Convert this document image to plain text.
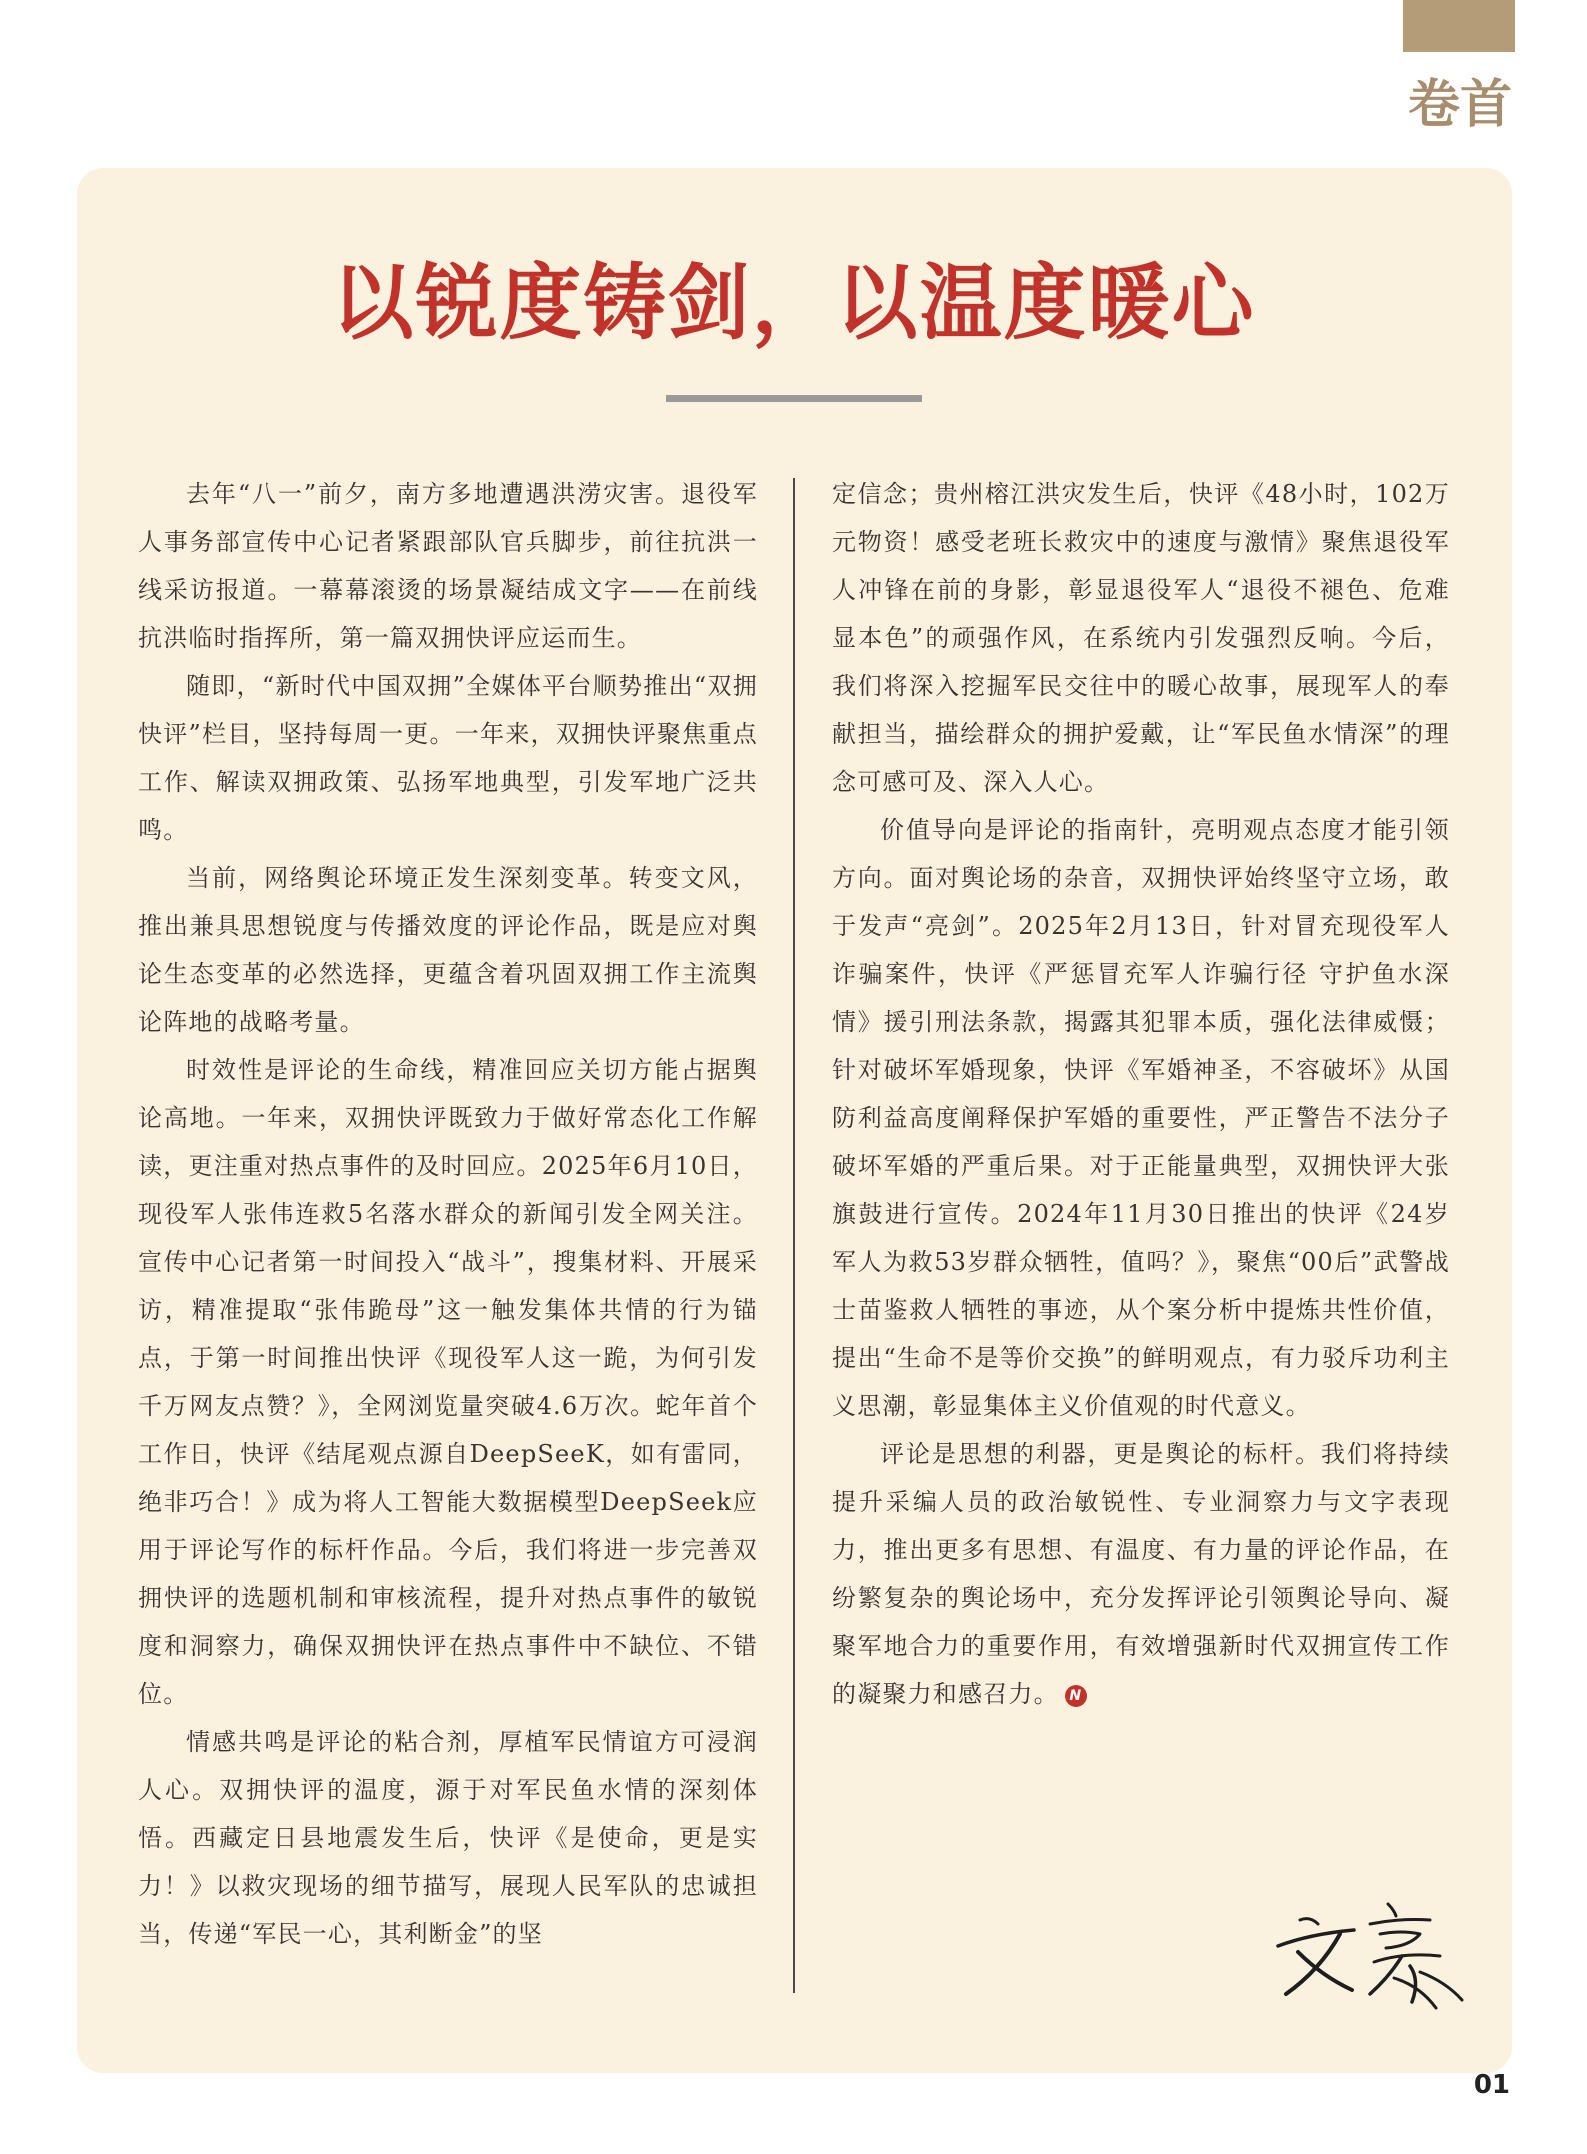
卷首
以锐度铸剑，以温度暖心

去年“八一”前夕，南方多地遭遇洪涝灾害。退役军人事务部宣传中心记者紧跟部队官兵脚步，前往抗洪一线采访报道。一幕幕滚烫的场景凝结成文字——在前线抗洪临时指挥所，第一篇双拥快评应运而生。

随即，“新时代中国双拥”全媒体平台顺势推出“双拥快评”栏目，坚持每周一更。一年来，双拥快评聚焦重点工作、解读双拥政策、弘扬军地典型，引发军地广泛共鸣。

当前，网络舆论环境正发生深刻变革。转变文风，推出兼具思想锐度与传播效度的评论作品，既是应对舆论生态变革的必然选择，更蕴含着巩固双拥工作主流舆论阵地的战略考量。

时效性是评论的生命线，精准回应关切方能占据舆论高地。一年来，双拥快评既致力于做好常态化工作解读，更注重对热点事件的及时回应。2025年6月10日，现役军人张伟连救5名落水群众的新闻引发全网关注。宣传中心记者第一时间投入“战斗”，搜集材料、开展采访，精准提取“张伟跪母”这一触发集体共情的行为锚点，于第一时间推出快评《现役军人这一跪，为何引发千万网友点赞？》，全网浏览量突破4.6万次。蛇年首个工作日，快评《结尾观点源自DeepSeeK，如有雷同，绝非巧合！》成为将人工智能大数据模型DeepSeek应用于评论写作的标杆作品。今后，我们将进一步完善双拥快评的选题机制和审核流程，提升对热点事件的敏锐度和洞察力，确保双拥快评在热点事件中不缺位、不错位。

情感共鸣是评论的粘合剂，厚植军民情谊方可浸润人心。双拥快评的温度，源于对军民鱼水情的深刻体悟。西藏定日县地震发生后，快评《是使命，更是实力！》以救灾现场的细节描写，展现人民军队的忠诚担当，传递“军民一心，其利断金”的坚

定信念；贵州榕江洪灾发生后，快评《48小时，102万元物资！感受老班长救灾中的速度与激情》聚焦退役军人冲锋在前的身影，彰显退役军人“退役不褪色、危难显本色”的顽强作风，在系统内引发强烈反响。今后，我们将深入挖掘军民交往中的暖心故事，展现军人的奉献担当，描绘群众的拥护爱戴，让“军民鱼水情深”的理念可感可及、深入人心。

价值导向是评论的指南针，亮明观点态度才能引领方向。面对舆论场的杂音，双拥快评始终坚守立场，敢于发声“亮剑”。2025年2月13日，针对冒充现役军人诈骗案件，快评《严惩冒充军人诈骗行径 守护鱼水深情》援引刑法条款，揭露其犯罪本质，强化法律威慑；针对破坏军婚现象，快评《军婚神圣，不容破坏》从国防利益高度阐释保护军婚的重要性，严正警告不法分子破坏军婚的严重后果。对于正能量典型，双拥快评大张旗鼓进行宣传。2024年11月30日推出的快评《24岁军人为救53岁群众牺牲，值吗？》，聚焦“00后”武警战士苗鉴救人牺牲的事迹，从个案分析中提炼共性价值，提出“生命不是等价交换”的鲜明观点，有力驳斥功利主义思潮，彰显集体主义价值观的时代意义。

评论是思想的利器，更是舆论的标杆。我们将持续提升采编人员的政治敏锐性、专业洞察力与文字表现力，推出更多有思想、有温度、有力量的评论作品，在纷繁复杂的舆论场中，充分发挥评论引领舆论导向、凝聚军地合力的重要作用，有效增强新时代双拥宣传工作的凝聚力和感召力。 N

01
